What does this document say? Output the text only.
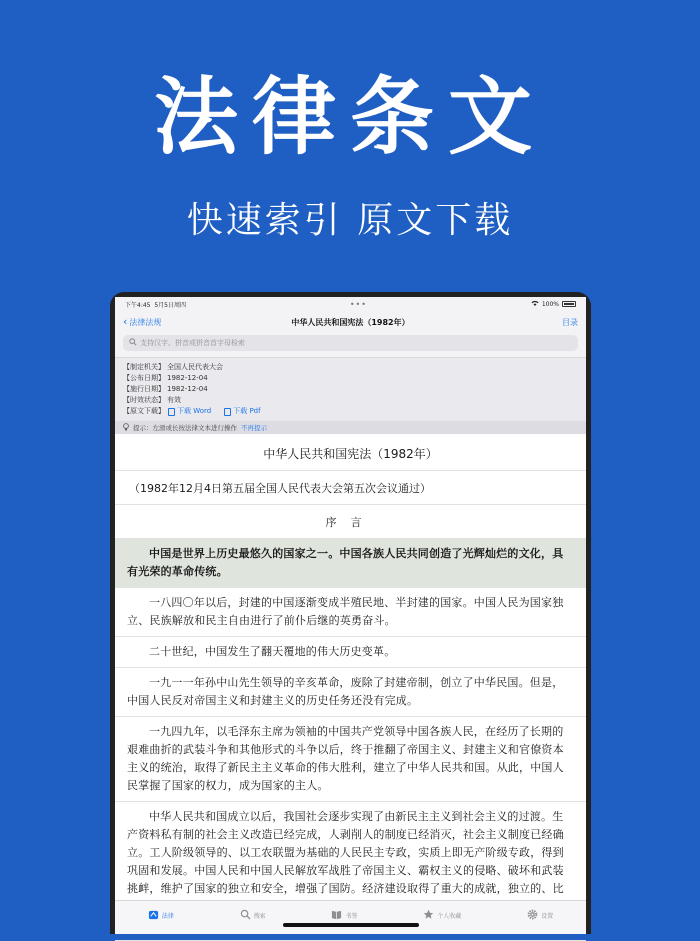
法律条文
快速索引 原文下载
下午4:45 5月5日周四	•••	100%
‹ 法律法规	中华人民共和国宪法（1982年）	目录
支持汉字、拼音或拼音首字母检索
【制定机关】 全国人民代表大会
【公布日期】 1982-12-04
【施行日期】 1982-12-04
【时效状态】 有效
【原文下载】 下载 Word	下载 Pdf
提示：左滑或长按法律文本进行操作 不再提示
中华人民共和国宪法（1982年）
（1982年12月4日第五届全国人民代表大会第五次会议通过）
序言
中国是世界上历史最悠久的国家之一。中国各族人民共同创造了光辉灿烂的文化，具有光荣的革命传统。
一八四〇年以后，封建的中国逐渐变成半殖民地、半封建的国家。中国人民为国家独立、民族解放和民主自由进行了前仆后继的英勇奋斗。
二十世纪，中国发生了翻天覆地的伟大历史变革。
一九一一年孙中山先生领导的辛亥革命，废除了封建帝制，创立了中华民国。但是，中国人民反对帝国主义和封建主义的历史任务还没有完成。
一九四九年，以毛泽东主席为领袖的中国共产党领导中国各族人民，在经历了长期的艰难曲折的武装斗争和其他形式的斗争以后，终于推翻了帝国主义、封建主义和官僚资本主义的统治，取得了新民主主义革命的伟大胜利，建立了中华人民共和国。从此，中国人民掌握了国家的权力，成为国家的主人。
中华人民共和国成立以后，我国社会逐步实现了由新民主主义到社会主义的过渡。生产资料私有制的社会主义改造已经完成，人剥削人的制度已经消灭，社会主义制度已经确立。工人阶级领导的、以工农联盟为基础的人民民主专政，实质上即无产阶级专政，得到巩固和发展。中国人民和中国人民解放军战胜了帝国主义、霸权主义的侵略、破坏和武装挑衅，维护了国家的独立和安全，增强了国防。经济建设取得了重大的成就，独立的、比
法律	搜索	书签	个人收藏	设置
